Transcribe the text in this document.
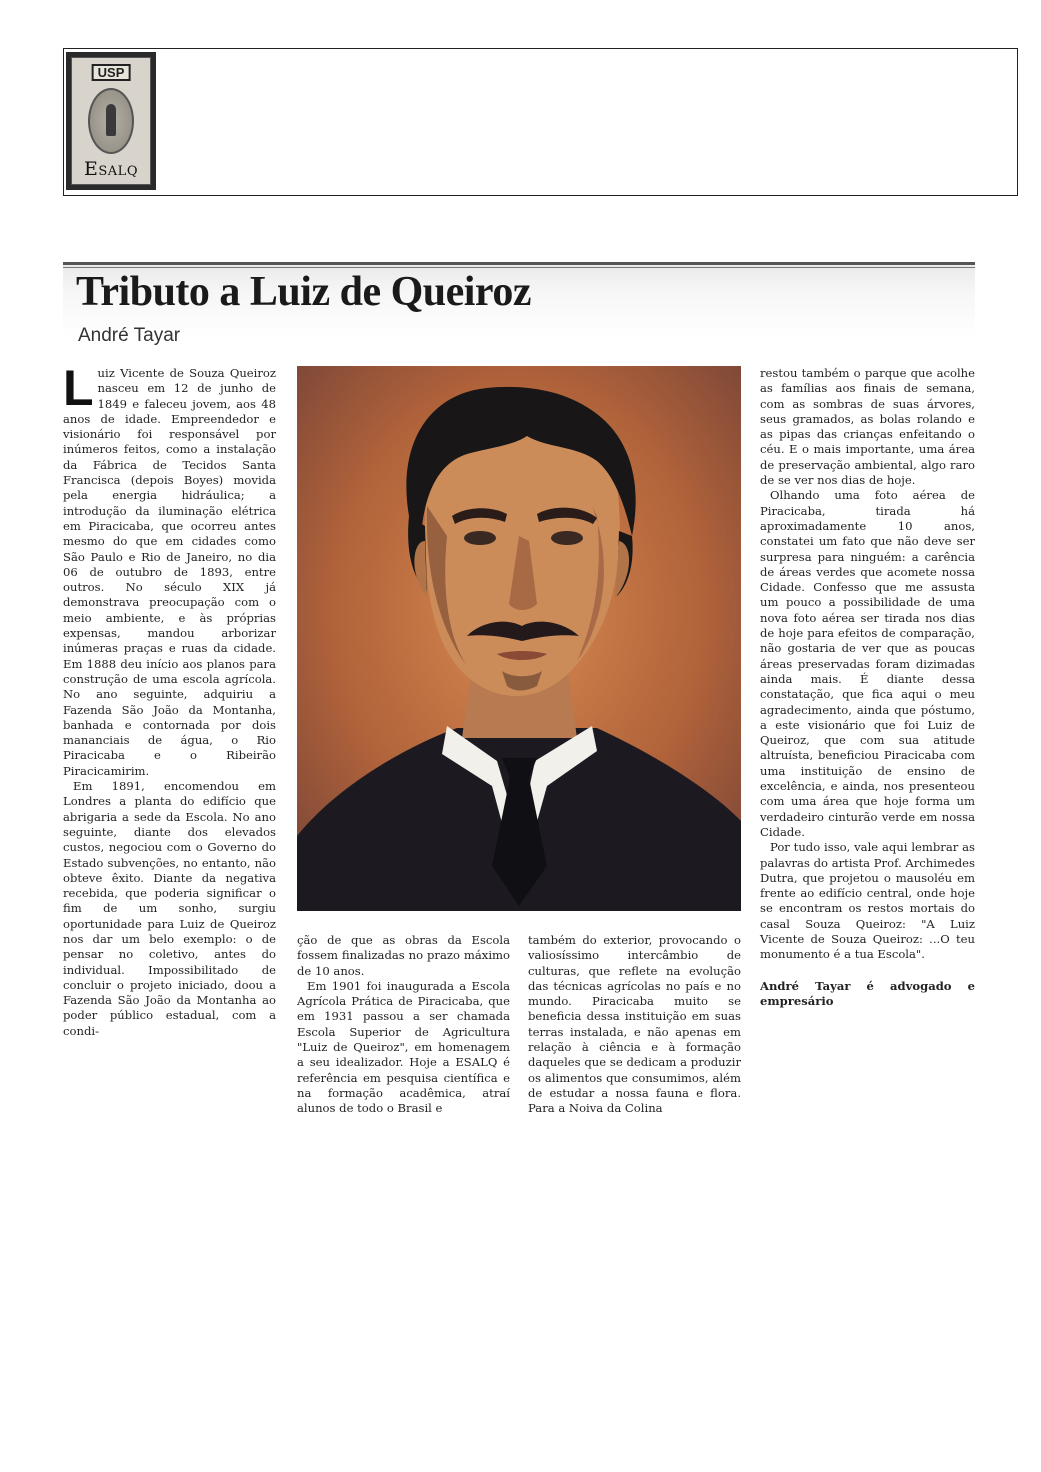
USP
ESALQ
Tributo a Luiz de Queiroz
André Tayar

Luiz Vicente de Souza Queiroz nasceu em 12 de junho de 1849 e faleceu jovem, aos 48 anos de idade. Empreendedor e visionário foi responsável por inúmeros feitos, como a instalação da Fábrica de Tecidos Santa Francisca (depois Boyes) movida pela energia hidráulica; a introdução da iluminação elétrica em Piracicaba, que ocorreu antes mesmo do que em cidades como São Paulo e Rio de Janeiro, no dia 06 de outubro de 1893, entre outros. No século XIX já demonstrava preocupação com o meio ambiente, e às próprias expensas, mandou arborizar inúmeras praças e ruas da cidade. Em 1888 deu início aos planos para construção de uma escola agrícola. No ano seguinte, adquiriu a Fazenda São João da Montanha, banhada e contornada por dois mananciais de água, o Rio Piracicaba e o Ribeirão Piracicamirim.

Em 1891, encomendou em Londres a planta do edifício que abrigaria a sede da Escola. No ano seguinte, diante dos elevados custos, negociou com o Governo do Estado subvenções, no entanto, não obteve êxito. Diante da negativa recebida, que poderia significar o fim de um sonho, surgiu oportunidade para Luiz de Queiroz nos dar um belo exemplo: o de pensar no coletivo, antes do individual. Impossibilitado de concluir o projeto iniciado, doou a Fazenda São João da Montanha ao poder público estadual, com a condi-

ção de que as obras da Escola fossem finalizadas no prazo máximo de 10 anos.

Em 1901 foi inaugurada a Escola Agrícola Prática de Piracicaba, que em 1931 passou a ser chamada Escola Superior de Agricultura "Luiz de Queiroz", em homenagem a seu idealizador. Hoje a ESALQ é referência em pesquisa científica e na formação acadêmica, atraí alunos de todo o Brasil e

também do exterior, provocando o valiosíssimo intercâmbio de culturas, que reflete na evolução das técnicas agrícolas no país e no mundo. Piracicaba muito se beneficia dessa instituição em suas terras instalada, e não apenas em relação à ciência e à formação daqueles que se dedicam a produzir os alimentos que consumimos, além de estudar a nossa fauna e flora. Para a Noiva da Colina

restou também o parque que acolhe as famílias aos finais de semana, com as sombras de suas árvores, seus gramados, as bolas rolando e as pipas das crianças enfeitando o céu. E o mais importante, uma área de preservação ambiental, algo raro de se ver nos dias de hoje.

Olhando uma foto aérea de Piracicaba, tirada há aproximadamente 10 anos, constatei um fato que não deve ser surpresa para ninguém: a carência de áreas verdes que acomete nossa Cidade. Confesso que me assusta um pouco a possibilidade de uma nova foto aérea ser tirada nos dias de hoje para efeitos de comparação, não gostaria de ver que as poucas áreas preservadas foram dizimadas ainda mais. É diante dessa constatação, que fica aqui o meu agradecimento, ainda que póstumo, a este visionário que foi Luiz de Queiroz, que com sua atitude altruísta, beneficiou Piracicaba com uma instituição de ensino de excelência, e ainda, nos presenteou com uma área que hoje forma um verdadeiro cinturão verde em nossa Cidade.

Por tudo isso, vale aqui lembrar as palavras do artista Prof. Archimedes Dutra, que projetou o mausoléu em frente ao edifício central, onde hoje se encontram os restos mortais do casal Souza Queiroz: "A Luiz Vicente de Souza Queiroz: ...O teu monumento é a tua Escola".

André Tayar é advogado e empresário
